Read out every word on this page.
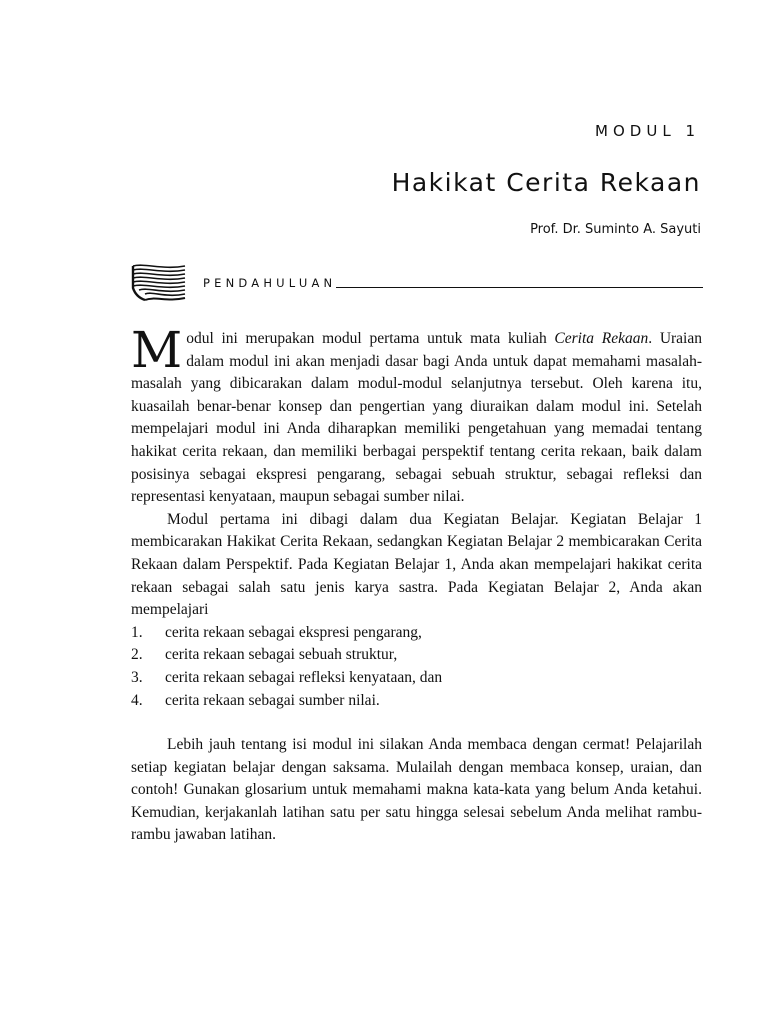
MODUL 1
Hakikat Cerita Rekaan
Prof. Dr. Suminto A. Sayuti
PENDAHULUAN

Modul ini merupakan modul pertama untuk mata kuliah Cerita Rekaan. Uraian dalam modul ini akan menjadi dasar bagi Anda untuk dapat memahami masalah-masalah yang dibicarakan dalam modul-modul selanjutnya tersebut. Oleh karena itu, kuasailah benar-benar konsep dan pengertian yang diuraikan dalam modul ini. Setelah mempelajari modul ini Anda diharapkan memiliki pengetahuan yang memadai tentang hakikat cerita rekaan, dan memiliki berbagai perspektif tentang cerita rekaan, baik dalam posisinya sebagai ekspresi pengarang, sebagai sebuah struktur, sebagai refleksi dan representasi kenyataan, maupun sebagai sumber nilai.

Modul pertama ini dibagi dalam dua Kegiatan Belajar. Kegiatan Belajar 1 membicarakan Hakikat Cerita Rekaan, sedangkan Kegiatan Belajar 2 membicarakan Cerita Rekaan dalam Perspektif. Pada Kegiatan Belajar 1, Anda akan mempelajari hakikat cerita rekaan sebagai salah satu jenis karya sastra. Pada Kegiatan Belajar 2, Anda akan mempelajari

1.	cerita rekaan sebagai ekspresi pengarang,
2.	cerita rekaan sebagai sebuah struktur,
3.	cerita rekaan sebagai refleksi kenyataan, dan
4.	cerita rekaan sebagai sumber nilai.

Lebih jauh tentang isi modul ini silakan Anda membaca dengan cermat! Pelajarilah setiap kegiatan belajar dengan saksama. Mulailah dengan membaca konsep, uraian, dan contoh! Gunakan glosarium untuk memahami makna kata-kata yang belum Anda ketahui. Kemudian, kerjakanlah latihan satu per satu hingga selesai sebelum Anda melihat rambu-rambu jawaban latihan.
